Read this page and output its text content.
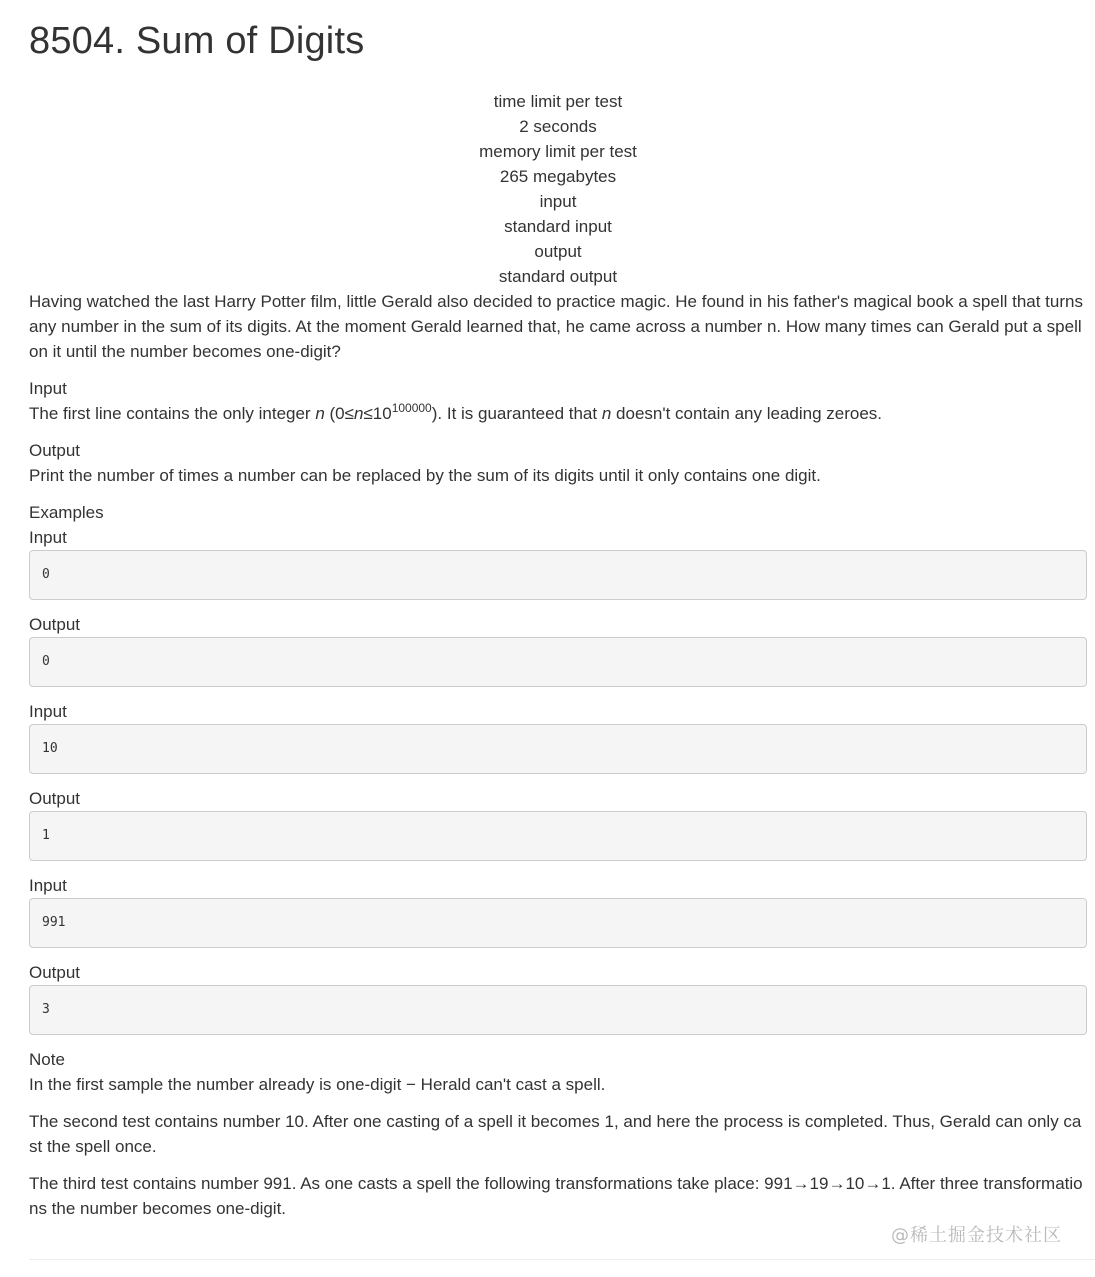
8504. Sum of Digits
time limit per test
2 seconds
memory limit per test
265 megabytes
input
standard input
output
standard output

Having watched the last Harry Potter film, little Gerald also decided to practice magic. He found in his father's magical book a spell that turns any number in the sum of its digits. At the moment Gerald learned that, he came across a number n. How many times can Gerald put a spell on it until the number becomes one-digit?

Input
The first line contains the only integer n $(0\le n\le 10^{100000})$. It is guaranteed that n doesn't contain any leading zeroes.
Output
Print the number of times a number can be replaced by the sum of its digits until it only contains one digit.
Examples
Input
0
Output
0
Input
10
Output
1
Input
991
Output
3
Note

In the first sample the number already is one-digit − Herald can't cast a spell.

The second test contains number 10. After one casting of a spell it becomes 1, and here the process is completed. Thus, Gerald can only cast the spell once.

The third test contains number 991. As one casts a spell the following transformations take place: 991→19→10→1. After three transformations the number becomes one-digit.

@稀土掘金技术社区
